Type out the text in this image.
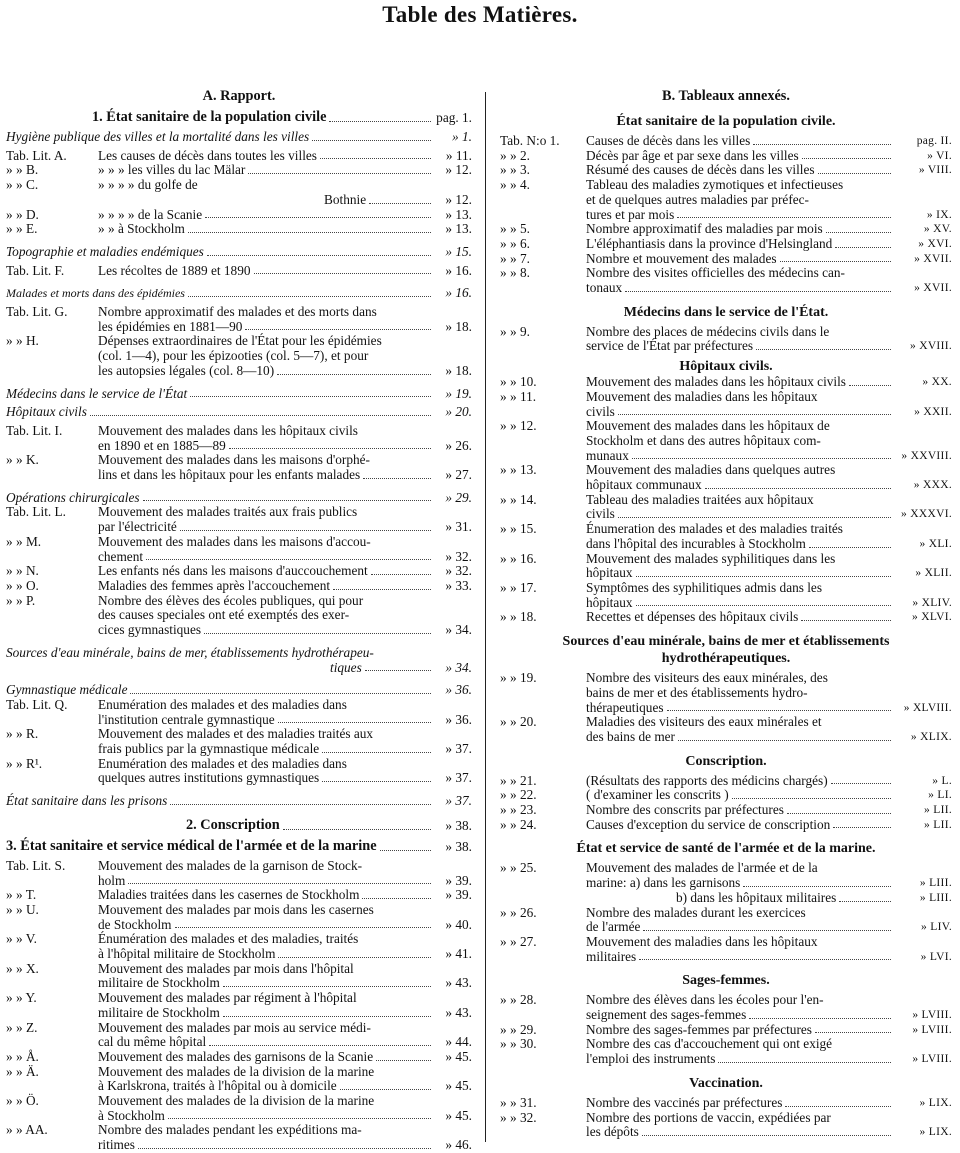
Table des Matières.
A. Rapport.
1. État sanitaire de la population civile	pag. 1.
Hygiène publique des villes et la mortalité dans les villes	» 1.
Tab. Lit. A.	Les causes de décès dans toutes les villes	» 11.
» » B.	» » » les villes du lac Mälar	» 12.
» » C.	» » » » du golfe de
Bothnie	» 12.
» » D.	» » » » de la Scanie	» 13.
» » E.	» » à Stockholm	» 13.
Topographie et maladies endémiques	» 15.
Tab. Lit. F.	Les récoltes de 1889 et 1890	» 16.
Malades et morts dans des épidémies	» 16.
Tab. Lit. G.	Nombre approximatif des malades et des morts dans
les épidémies en 1881—90	» 18.
» » H.	Dépenses extraordinaires de l'État pour les épidémies
(col. 1—4), pour les épizooties (col. 5—7), et pour
les autopsies légales (col. 8—10)	» 18.
Médecins dans le service de l'État	» 19.
Hôpitaux civils	» 20.
Tab. Lit. I.	Mouvement des malades dans les hôpitaux civils
en 1890 et en 1885—89	» 26.
» » K.	Mouvement des malades dans les maisons d'orphé-
lins et dans les hôpitaux pour les enfants malades	» 27.
Opérations chirurgicales	» 29.
Tab. Lit. L.	Mouvement des malades traités aux frais publics
par l'électricité	» 31.
» » M.	Mouvement des malades dans les maisons d'accou-
chement	» 32.
» » N.	Les enfants nés dans les maisons d'auccouchement	» 32.
» » O.	Maladies des femmes après l'accouchement	» 33.
» » P.	Nombre des élèves des écoles publiques, qui pour
des causes speciales ont eté exemptés des exer-
cices gymnastiques	» 34.
Sources d'eau minérale, bains de mer, établissements hydrothérapeu-
tiques	» 34.
Gymnastique médicale	» 36.
Tab. Lit. Q.	Enumération des malades et des maladies dans
l'institution centrale gymnastique	» 36.
» » R.	Mouvement des malades et des maladies traités aux
frais publics par la gymnastique médicale	» 37.
» » R¹.	Enumération des malades et des maladies dans
quelques autres institutions gymnastiques	» 37.
État sanitaire dans les prisons	» 37.
2. Conscription	» 38.
3. État sanitaire et service médical de l'armée et de la marine	» 38.
Tab. Lit. S.	Mouvement des malades de la garnison de Stock-
holm	» 39.
» » T.	Maladies traitées dans les casernes de Stockholm	» 39.
» » U.	Mouvement des malades par mois dans les casernes
de Stockholm	» 40.
» » V.	Énumération des malades et des maladies, traités
à l'hôpital militaire de Stockholm	» 41.
» » X.	Mouvement des malades par mois dans l'hôpital
militaire de Stockholm	» 43.
» » Y.	Mouvement des malades par régiment à l'hôpital
militaire de Stockholm	» 43.
» » Z.	Mouvement des malades par mois au service médi-
cal du même hôpital	» 44.
» » Å.	Mouvement des malades des garnisons de la Scanie	» 45.
» » Ä.	Mouvement des malades de la division de la marine
à Karlskrona, traités à l'hôpital ou à domicile	» 45.
» » Ö.	Mouvement des malades de la division de la marine
à Stockholm	» 45.
» » AA.	Nombre des malades pendant les expéditions ma-
ritimes	» 46.
B. Tableaux annexés.
État sanitaire de la population civile.
Tab. N:o 1.	Causes de décès dans les villes	pag. II.
» » 2.	Décès par âge et par sexe dans les villes	» VI.
» » 3.	Résumé des causes de décès dans les villes	» VIII.
» » 4.	Tableau des maladies zymotiques et infectieuses
et de quelques autres maladies par préfec-
tures et par mois	» IX.
» » 5.	Nombre approximatif des maladies par mois	» XV.
» » 6.	L'éléphantiasis dans la province d'Helsingland	» XVI.
» » 7.	Nombre et mouvement des malades	» XVII.
» » 8.	Nombre des visites officielles des médecins can-
tonaux	» XVII.
Médecins dans le service de l'État.
» » 9.	Nombre des places de médecins civils dans le
service de l'État par préfectures	» XVIII.
Hôpitaux civils.
» » 10.	Mouvement des malades dans les hôpitaux civils	» XX.
» » 11.	Mouvement des maladies dans les hôpitaux
civils	» XXII.
» » 12.	Mouvement des malades dans les hôpitaux de
Stockholm et dans des autres hôpitaux com-
munaux	» XXVIII.
» » 13.	Mouvement des maladies dans quelques autres
hôpitaux communaux	» XXX.
» » 14.	Tableau des maladies traitées aux hôpitaux
civils	» XXXVI.
» » 15.	Énumeration des malades et des maladies traités
dans l'hôpital des incurables à Stockholm	» XLI.
» » 16.	Mouvement des malades syphilitiques dans les
hôpitaux	» XLII.
» » 17.	Symptômes des syphilitiques admis dans les
hôpitaux	» XLIV.
» » 18.	Recettes et dépenses des hôpitaux civils	» XLVI.
Sources d'eau minérale, bains de mer et établissements
hydrothérapeutiques.
» » 19.	Nombre des visiteurs des eaux minérales, des
bains de mer et des établissements hydro-
thérapeutiques	» XLVIII.
» » 20.	Maladies des visiteurs des eaux minérales et
des bains de mer	» XLIX.
Conscription.
» » 21.	(Résultats des rapports des médicins chargés)	» L.
» » 22.	( d'examiner les conscrits )	» LI.
» » 23.	Nombre des conscrits par préfectures	» LII.
» » 24.	Causes d'exception du service de conscription	» LII.
État et service de santé de l'armée et de la marine.
» » 25.	Mouvement des malades de l'armée et de la
marine: a) dans les garnisons	» LIII.
b) dans les hôpitaux militaires	» LIII.
» » 26.	Nombre des malades durant les exercices
de l'armée	» LIV.
» » 27.	Mouvement des maladies dans les hôpitaux
militaires	» LVI.
Sages-femmes.
» » 28.	Nombre des élèves dans les écoles pour l'en-
seignement des sages-femmes	» LVIII.
» » 29.	Nombre des sages-femmes par préfectures	» LVIII.
» » 30.	Nombre des cas d'accouchement qui ont exigé
l'emploi des instruments	» LVIII.
Vaccination.
» » 31.	Nombre des vaccinés par préfectures	» LIX.
» » 32.	Nombre des portions de vaccin, expédiées par
les dépôts	» LIX.
